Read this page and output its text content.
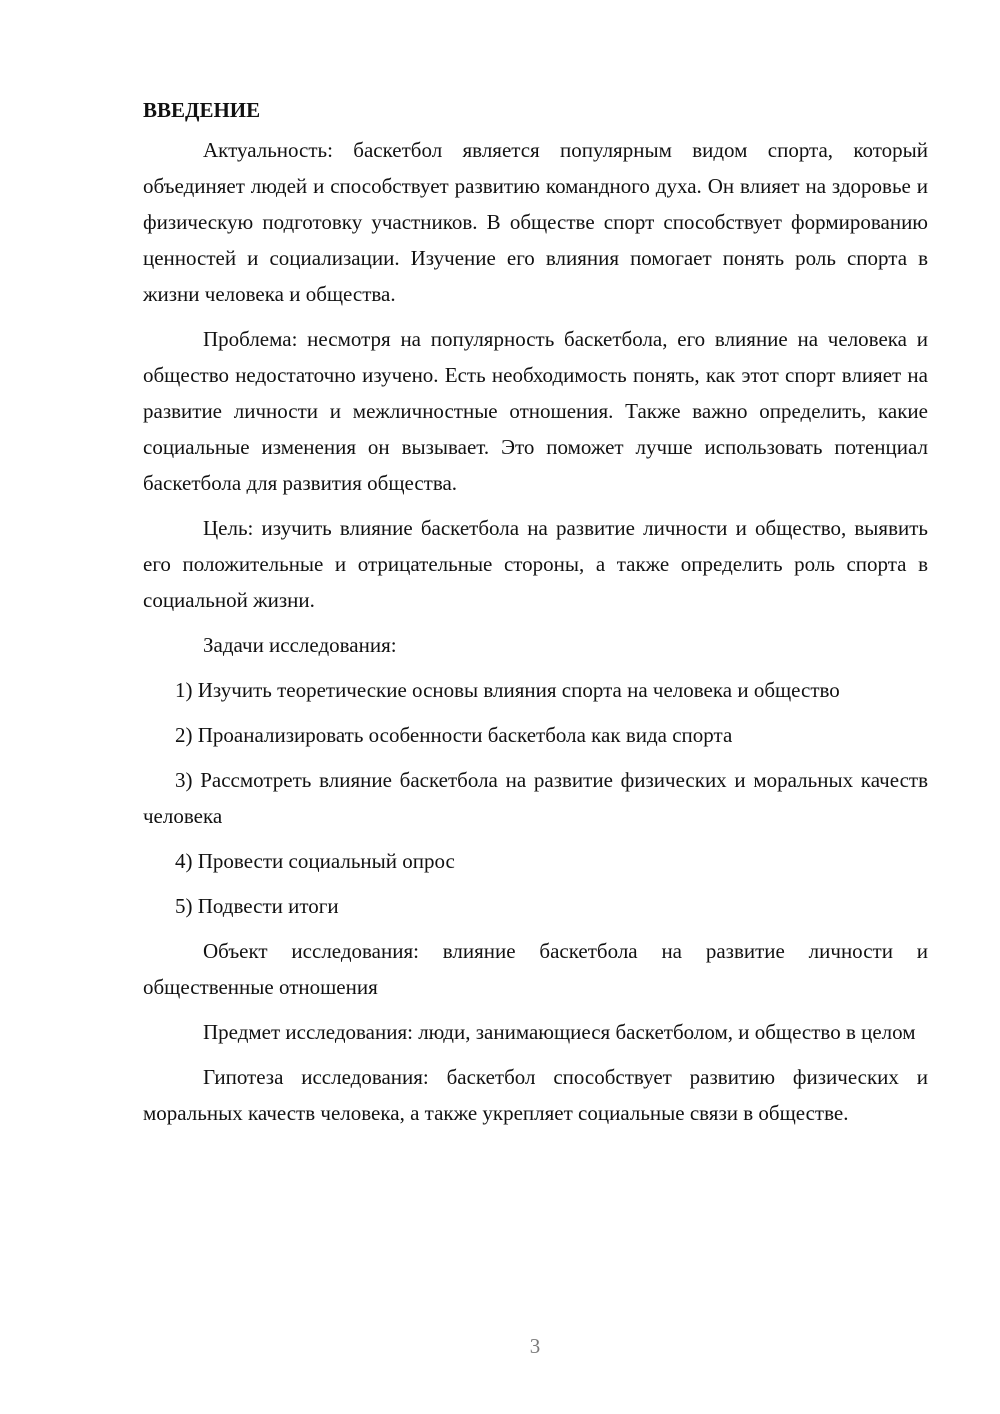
ВВЕДЕНИЕ

Актуальность: баскетбол является популярным видом спорта, который объединяет людей и способствует развитию командного духа. Он влияет на здоровье и физическую подготовку участников. В обществе спорт способствует формированию ценностей и социализации. Изучение его влияния помогает понять роль спорта в жизни человека и общества.

Проблема: несмотря на популярность баскетбола, его влияние на человека и общество недостаточно изучено. Есть необходимость понять, как этот спорт влияет на развитие личности и межличностные отношения. Также важно определить, какие социальные изменения он вызывает. Это поможет лучше использовать потенциал баскетбола для развития общества.

Цель: изучить влияние баскетбола на развитие личности и общество, выявить его положительные и отрицательные стороны, а также определить роль спорта в социальной жизни.

Задачи исследования:

1) Изучить теоретические основы влияния спорта на человека и общество

2) Проанализировать особенности баскетбола как вида спорта

3) Рассмотреть влияние баскетбола на развитие физических и моральных качеств человека

4) Провести социальный опрос

5) Подвести итоги

Объект исследования: влияние баскетбола на развитие личности и общественные отношения

Предмет исследования: люди, занимающиеся баскетболом, и общество в целом

Гипотеза исследования: баскетбол способствует развитию физических и моральных качеств человека, а также укрепляет социальные связи в обществе.

3
